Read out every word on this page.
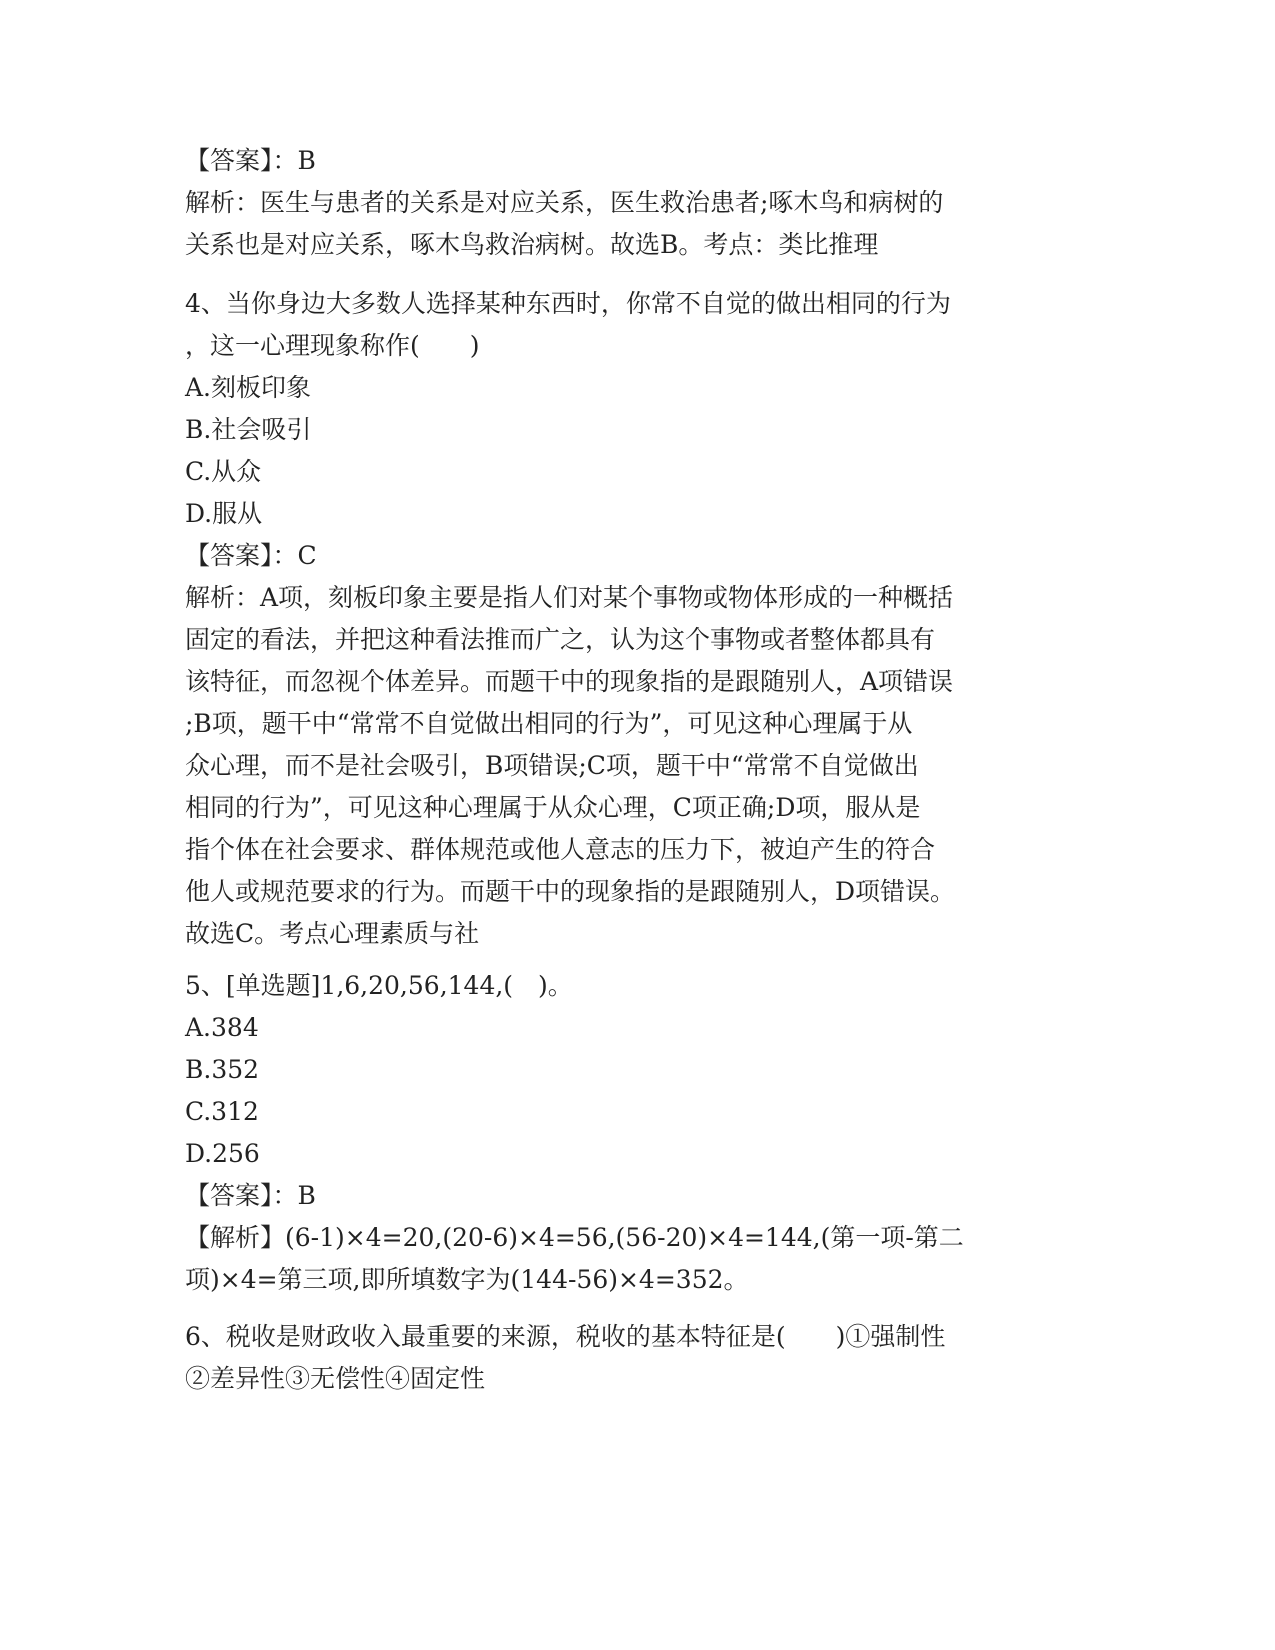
【答案】：B
解析：医生与患者的关系是对应关系，医生救治患者;啄木鸟和病树的
关系也是对应关系，啄木鸟救治病树。故选B。考点：类比推理
4、当你身边大多数人选择某种东西时，你常不自觉的做出相同的行为
，这一心理现象称作(　　)
A.刻板印象
B.社会吸引
C.从众
D.服从
【答案】：C
解析：A项，刻板印象主要是指人们对某个事物或物体形成的一种概括
固定的看法，并把这种看法推而广之，认为这个事物或者整体都具有
该特征，而忽视个体差异。而题干中的现象指的是跟随别人，A项错误
;B项，题干中“常常不自觉做出相同的行为”，可见这种心理属于从
众心理，而不是社会吸引，B项错误;C项，题干中“常常不自觉做出
相同的行为”，可见这种心理属于从众心理，C项正确;D项，服从是
指个体在社会要求、群体规范或他人意志的压力下，被迫产生的符合
他人或规范要求的行为。而题干中的现象指的是跟随别人，D项错误。
故选C。考点心理素质与社
5、[单选题]1,6,20,56,144,(　)。
A.384
B.352
C.312
D.256
【答案】：B
【解析】(6-1)×4=20,(20-6)×4=56,(56-20)×4=144,(第一项-第二
项)×4=第三项,即所填数字为(144-56)×4=352。
6、税收是财政收入最重要的来源，税收的基本特征是(　　)①强制性
②差异性③无偿性④固定性
